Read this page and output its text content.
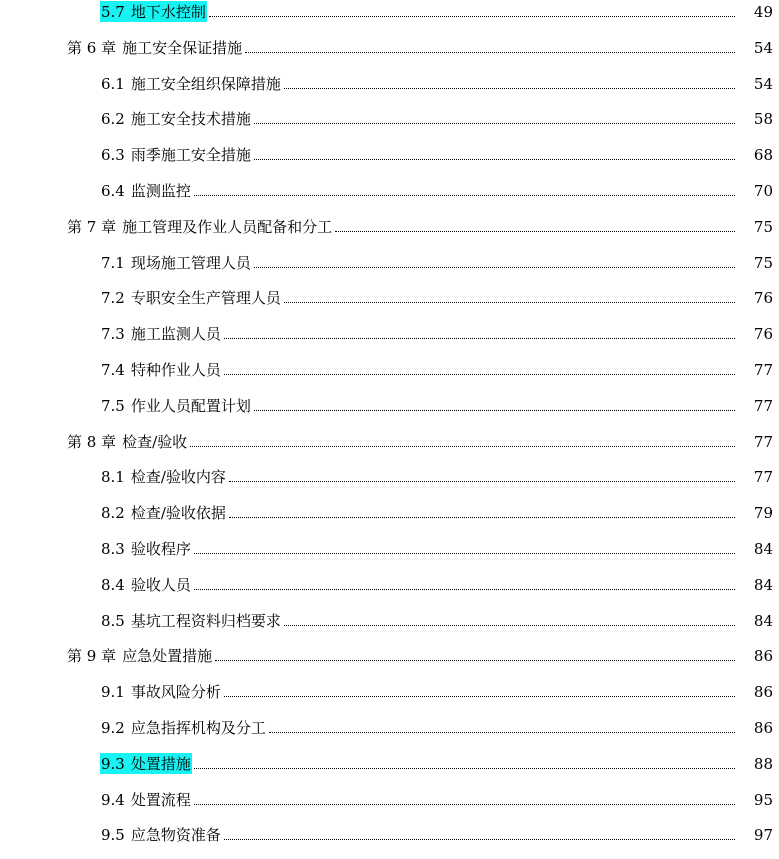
5.7 地下水控制	49
第 6 章 施工安全保证措施	54
6.1 施工安全组织保障措施	54
6.2 施工安全技术措施	58
6.3 雨季施工安全措施	68
6.4 监测监控	70
第 7 章 施工管理及作业人员配备和分工	75
7.1 现场施工管理人员	75
7.2 专职安全生产管理人员	76
7.3 施工监测人员	76
7.4 特种作业人员	77
7.5 作业人员配置计划	77
第 8 章 检查/验收	77
8.1 检查/验收内容	77
8.2 检查/验收依据	79
8.3 验收程序	84
8.4 验收人员	84
8.5 基坑工程资料归档要求	84
第 9 章 应急处置措施	86
9.1 事故风险分析	86
9.2 应急指挥机构及分工	86
9.3 处置措施	88
9.4 处置流程	95
9.5 应急物资准备	97
